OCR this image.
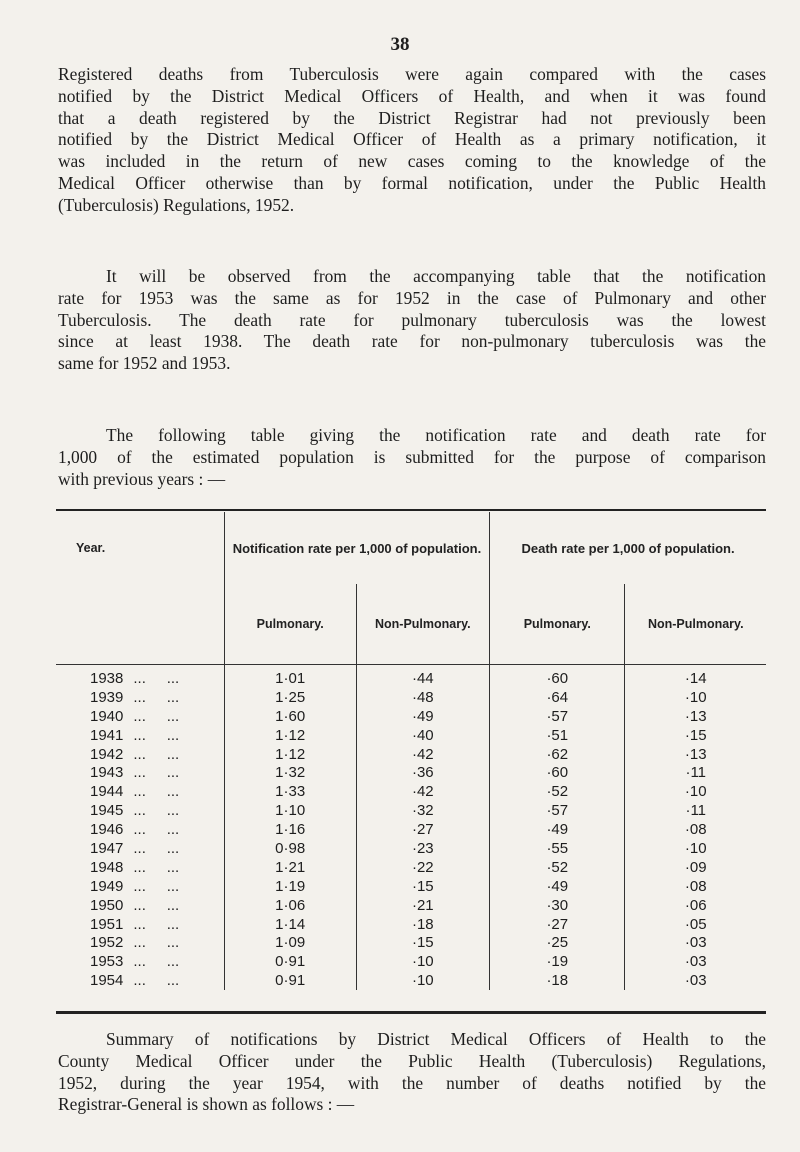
38

Registered deaths from Tuberculosis were again compared with the cases
notified by the District Medical Officers of Health, and when it was found
that a death registered by the District Registrar had not previously been
notified by the District Medical Officer of Health as a primary notification, it
was included in the return of new cases coming to the knowledge of the
Medical Officer otherwise than by formal notification, under the Public Health
(Tuberculosis) Regulations, 1952.

It will be observed from the accompanying table that the notification
rate for 1953 was the same as for 1952 in the case of Pulmonary and other
Tuberculosis. The death rate for pulmonary tuberculosis was the lowest
since at least 1938. The death rate for non-pulmonary tuberculosis was the
same for 1952 and 1953.

The following table giving the notification rate and death rate for
1,000 of the estimated population is submitted for the purpose of comparison
with previous years : —

Year.	Notification rate per 1,000 of population.		Death rate per 1,000 of population.	
	Pulmonary.	Non-Pulmonary.	Pulmonary.	Non-Pulmonary.
1938 ...     ...	1·01	·44	·60	·14
1939 ...     ...	1·25	·48	·64	·10
1940 ...     ...	1·60	·49	·57	·13
1941 ...     ...	1·12	·40	·51	·15
1942 ...     ...	1·12	·42	·62	·13
1943 ...     ...	1·32	·36	·60	·11
1944 ...     ...	1·33	·42	·52	·10
1945 ...     ...	1·10	·32	·57	·11
1946 ...     ...	1·16	·27	·49	·08
1947 ...     ...	0·98	·23	·55	·10
1948 ...     ...	1·21	·22	·52	·09
1949 ...     ...	1·19	·15	·49	·08
1950 ...     ...	1·06	·21	·30	·06
1951 ...     ...	1·14	·18	·27	·05
1952 ...     ...	1·09	·15	·25	·03
1953 ...     ...	0·91	·10	·19	·03
1954 ...     ...	0·91	·10	·18	·03

Summary of notifications by District Medical Officers of Health to the
County Medical Officer under the Public Health (Tuberculosis) Regulations,
1952, during the year 1954, with the number of deaths notified by the
Registrar-General is shown as follows : —
